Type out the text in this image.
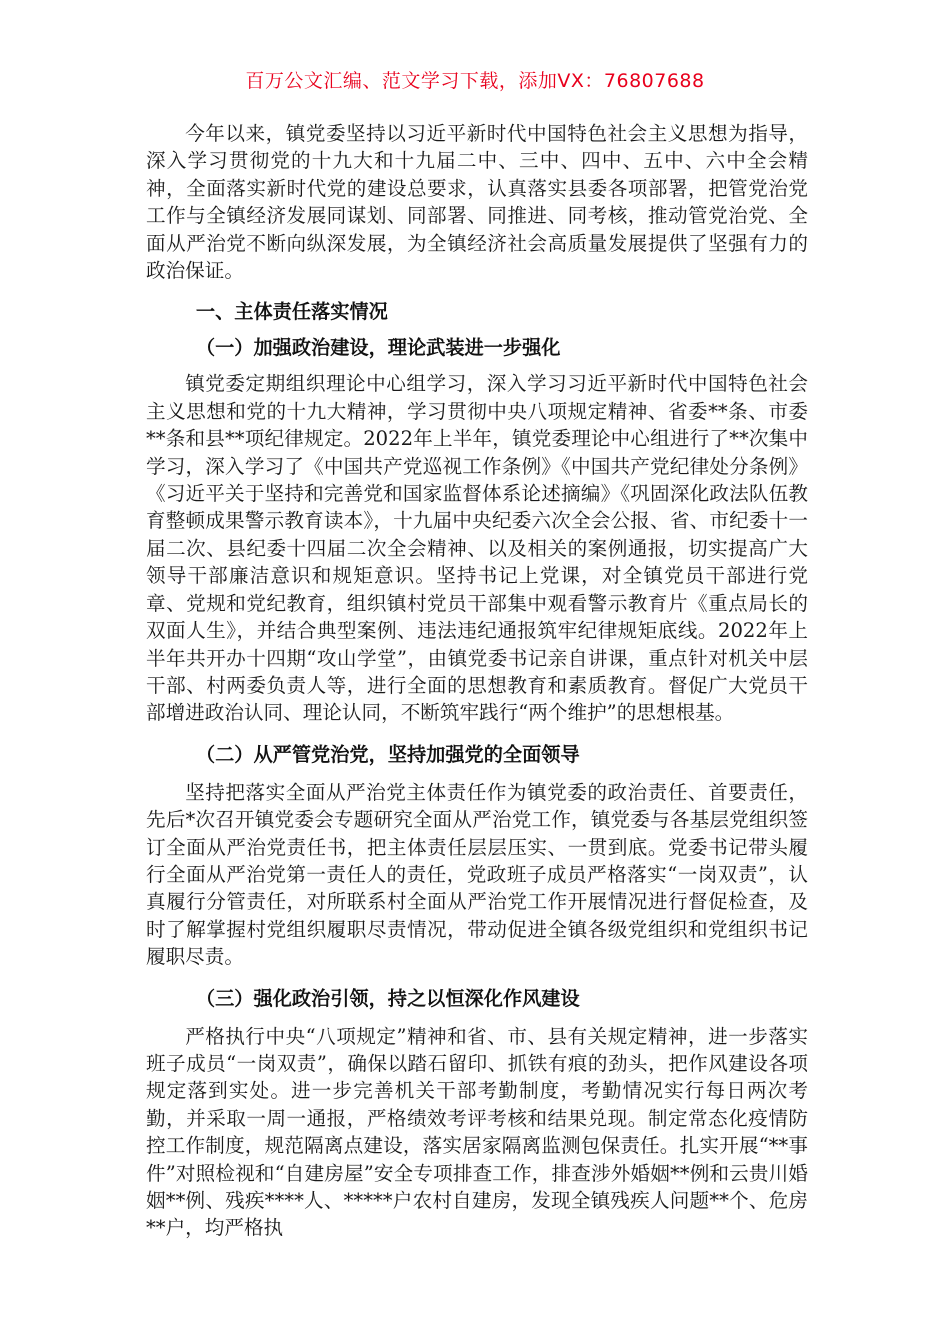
百万公文汇编、范文学习下载，添加VX：76807688

今年以来，镇党委坚持以习近平新时代中国特色社会主义思想为指导，深入学习贯彻党的十九大和十九届二中、三中、四中、五中、六中全会精神，全面落实新时代党的建设总要求，认真落实县委各项部署，把管党治党工作与全镇经济发展同谋划、同部署、同推进、同考核，推动管党治党、全面从严治党不断向纵深发展，为全镇经济社会高质量发展提供了坚强有力的政治保证。

一、主体责任落实情况
（一）加强政治建设，理论武装进一步强化

镇党委定期组织理论中心组学习，深入学习习近平新时代中国特色社会主义思想和党的十九大精神，学习贯彻中央八项规定精神、省委**条、市委**条和县**项纪律规定。2022年上半年，镇党委理论中心组进行了**次集中学习，深入学习了《中国共产党巡视工作条例》《中国共产党纪律处分条例》《习近平关于坚持和完善党和国家监督体系论述摘编》《巩固深化政法队伍教育整顿成果警示教育读本》，十九届中央纪委六次全会公报、省、市纪委十一届二次、县纪委十四届二次全会精神、以及相关的案例通报，切实提高广大领导干部廉洁意识和规矩意识。坚持书记上党课，对全镇党员干部进行党章、党规和党纪教育，组织镇村党员干部集中观看警示教育片《重点局长的双面人生》，并结合典型案例、违法违纪通报筑牢纪律规矩底线。2022年上半年共开办十四期“攻山学堂”，由镇党委书记亲自讲课，重点针对机关中层干部、村两委负责人等，进行全面的思想教育和素质教育。督促广大党员干部增进政治认同、理论认同，不断筑牢践行“两个维护”的思想根基。

（二）从严管党治党，坚持加强党的全面领导

坚持把落实全面从严治党主体责任作为镇党委的政治责任、首要责任，先后*次召开镇党委会专题研究全面从严治党工作，镇党委与各基层党组织签订全面从严治党责任书，把主体责任层层压实、一贯到底。党委书记带头履行全面从严治党第一责任人的责任，党政班子成员严格落实“一岗双责”，认真履行分管责任，对所联系村全面从严治党工作开展情况进行督促检查，及时了解掌握村党组织履职尽责情况，带动促进全镇各级党组织和党组织书记履职尽责。

（三）强化政治引领，持之以恒深化作风建设

严格执行中央“八项规定”精神和省、市、县有关规定精神，进一步落实班子成员“一岗双责”，确保以踏石留印、抓铁有痕的劲头，把作风建设各项规定落到实处。进一步完善机关干部考勤制度，考勤情况实行每日两次考勤，并采取一周一通报，严格绩效考评考核和结果兑现。制定常态化疫情防控工作制度，规范隔离点建设，落实居家隔离监测包保责任。扎实开展“**事件”对照检视和“自建房屋”安全专项排查工作，排查涉外婚姻**例和云贵川婚姻**例、残疾****人、*****户农村自建房，发现全镇残疾人问题**个、危房**户，均严格执
